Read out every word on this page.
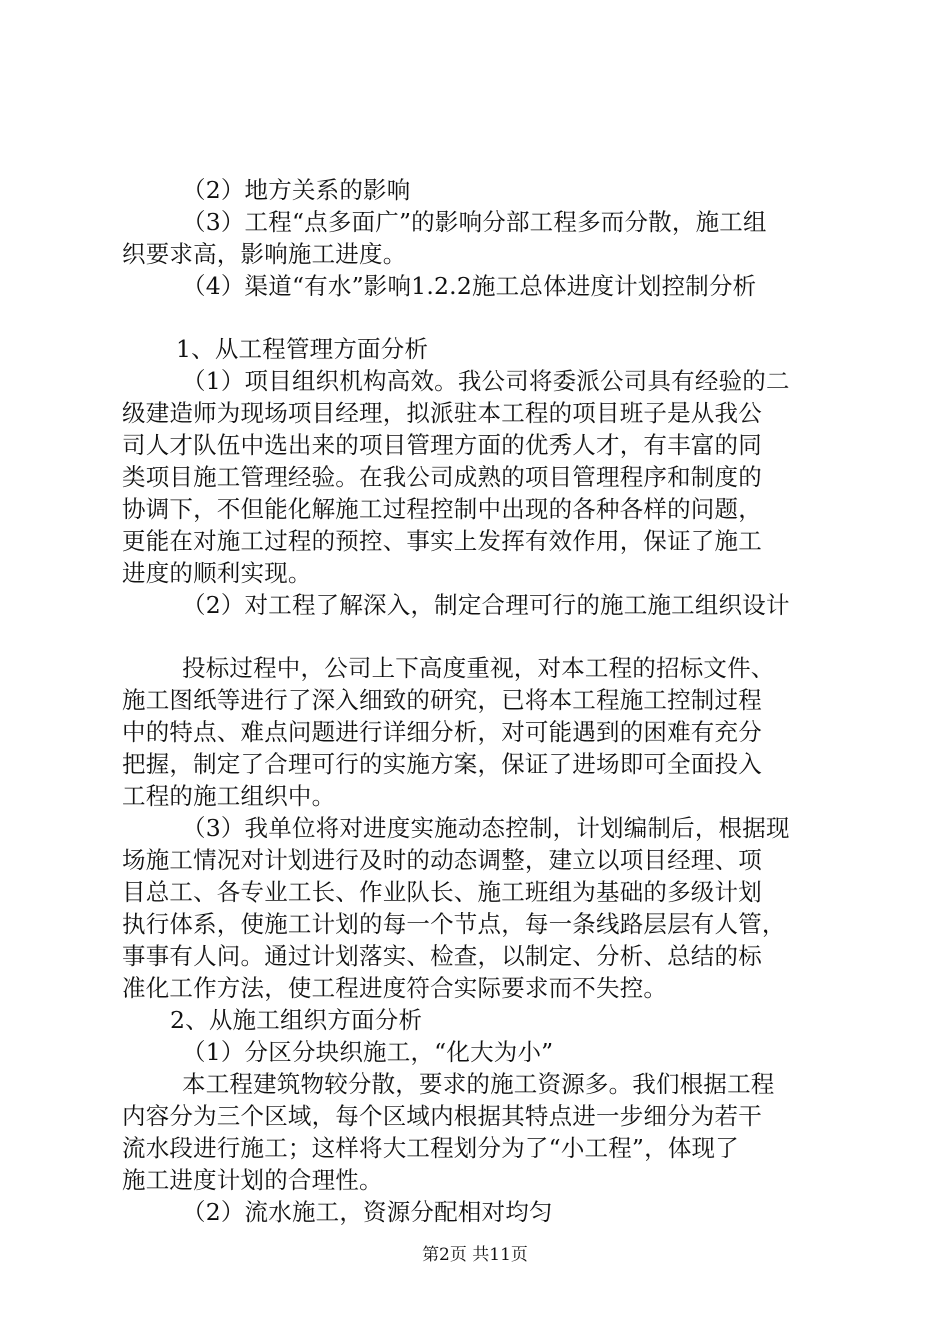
（2）地方关系的影响
（3）工程“点多面广”的影响分部工程多而分散，施工组
织要求高，影响施工进度。
（4）渠道“有水”影响1.2.2施工总体进度计划控制分析
1、从工程管理方面分析
（1）项目组织机构高效。我公司将委派公司具有经验的二
级建造师为现场项目经理，拟派驻本工程的项目班子是从我公
司人才队伍中选出来的项目管理方面的优秀人才，有丰富的同
类项目施工管理经验。在我公司成熟的项目管理程序和制度的
协调下，不但能化解施工过程控制中出现的各种各样的问题，
更能在对施工过程的预控、事实上发挥有效作用，保证了施工
进度的顺利实现。
（2）对工程了解深入，制定合理可行的施工施工组织设计
投标过程中，公司上下高度重视，对本工程的招标文件、
施工图纸等进行了深入细致的研究，已将本工程施工控制过程
中的特点、难点问题进行详细分析，对可能遇到的困难有充分
把握，制定了合理可行的实施方案，保证了进场即可全面投入
工程的施工组织中。
（3）我单位将对进度实施动态控制，计划编制后，根据现
场施工情况对计划进行及时的动态调整，建立以项目经理、项
目总工、各专业工长、作业队长、施工班组为基础的多级计划
执行体系，使施工计划的每一个节点，每一条线路层层有人管，
事事有人问。通过计划落实、检查，以制定、分析、总结的标
准化工作方法，使工程进度符合实际要求而不失控。
2、从施工组织方面分析
（1）分区分块织施工，“化大为小”
本工程建筑物较分散，要求的施工资源多。我们根据工程
内容分为三个区域，每个区域内根据其特点进一步细分为若干
流水段进行施工；这样将大工程划分为了“小工程”，体现了
施工进度计划的合理性。
（2）流水施工，资源分配相对均匀
第2页 共11页
